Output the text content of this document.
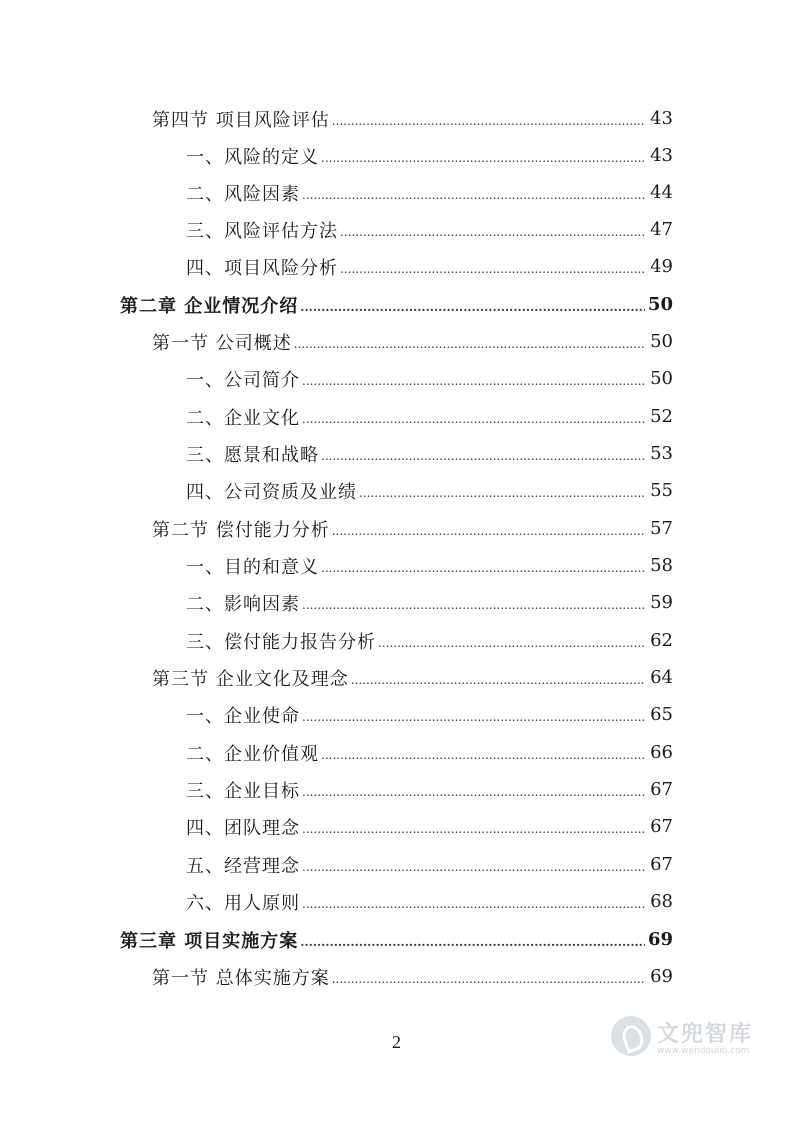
第四节 项目风险评估 .....	43
一、风险的定义 .....	43
二、风险因素 .....	44
三、风险评估方法 .....	47
四、项目风险分析 .....	49
第二章 企业情况介绍 .....	50
第一节 公司概述 .....	50
一、公司简介 .....	50
二、企业文化 .....	52
三、愿景和战略 .....	53
四、公司资质及业绩 .....	55
第二节 偿付能力分析 .....	57
一、目的和意义 .....	58
二、影响因素 .....	59
三、偿付能力报告分析 .....	62
第三节 企业文化及理念 .....	64
一、企业使命 .....	65
二、企业价值观 .....	66
三、企业目标 .....	67
四、团队理念 .....	67
五、经营理念 .....	67
六、用人原则 .....	68
第三章 项目实施方案 .....	69
第一节 总体实施方案 .....	69
2	文兜智库
www.wendoulib.com
